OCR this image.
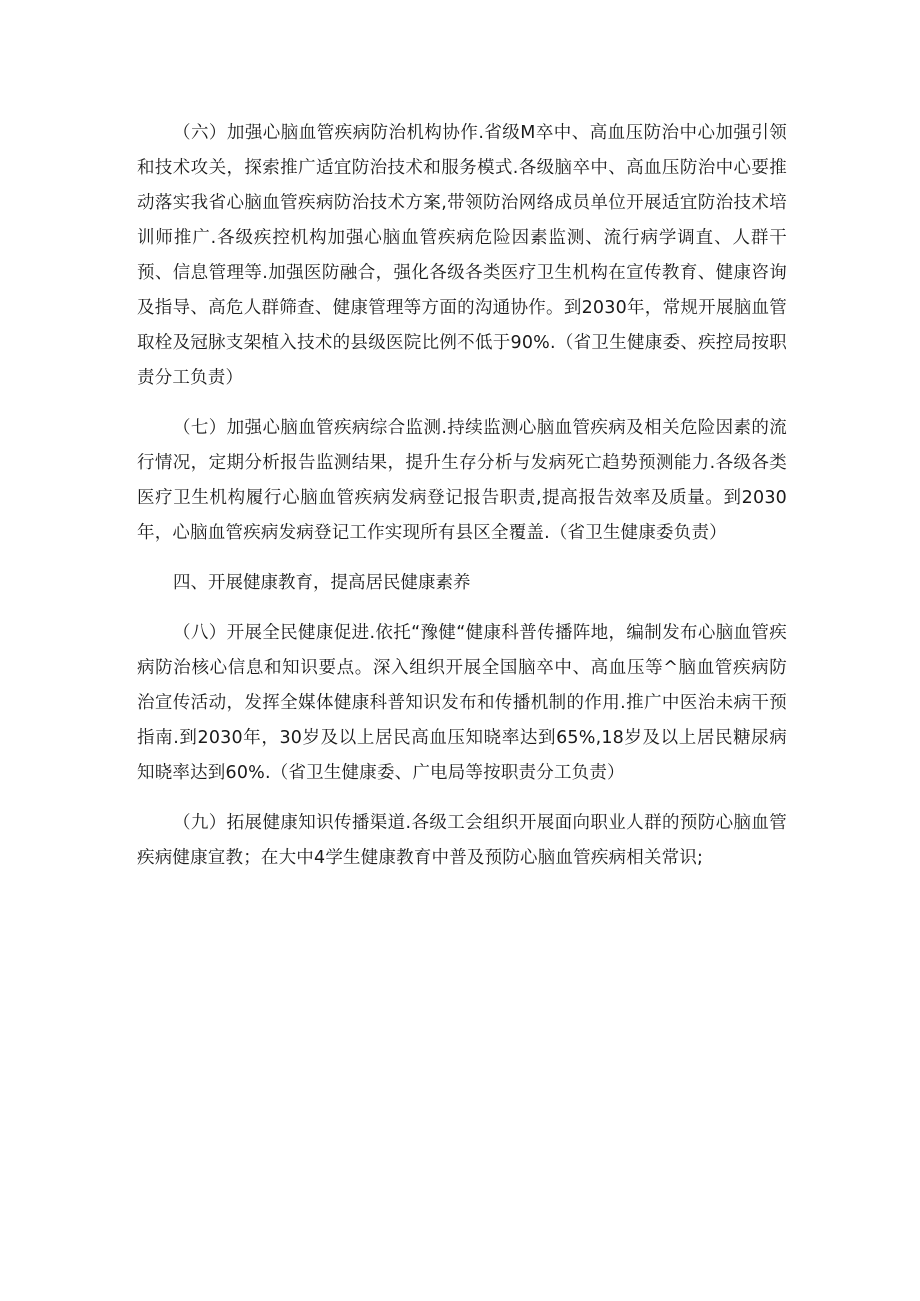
（六）加强心脑血管疾病防治机构协作.省级M卒中、高血压防治中心加强引领和技术攻关，探索推广适宜防治技术和服务模式.各级脑卒中、高血压防治中心要推动落实我省心脑血管疾病防治技术方案,带领防治网络成员单位开展适宜防治技术培训师推广.各级疾控机构加强心脑血管疾病危险因素监测、流行病学调直、人群干预、信息管理等.加强医防融合，强化各级各类医疗卫生机构在宣传教育、健康咨询及指导、高危人群筛查、健康管理等方面的沟通协作。到2030年，常规开展脑血管取栓及冠脉支架植入技术的县级医院比例不低于90%.（省卫生健康委、疾控局按职责分工负责）

（七）加强心脑血管疾病综合监测.持续监测心脑血管疾病及相关危险因素的流行情况，定期分析报告监测结果，提升生存分析与发病死亡趋势预测能力.各级各类医疗卫生机构履行心脑血管疾病发病登记报告职责,提高报告效率及质量。到2030年，心脑血管疾病发病登记工作实现所有县区全覆盖.（省卫生健康委负责）

四、开展健康教育，提高居民健康素养

（八）开展全民健康促进.依托“豫健“健康科普传播阵地，编制发布心脑血管疾病防治核心信息和知识要点。深入组织开展全国脑卒中、高血压等^脑血管疾病防治宣传活动，发挥全媒体健康科普知识发布和传播机制的作用.推广中医治未病干预指南.到2030年，30岁及以上居民高血压知晓率达到65%,18岁及以上居民糖尿病知晓率达到60%.（省卫生健康委、广电局等按职责分工负责）

（九）拓展健康知识传播渠道.各级工会组织开展面向职业人群的预防心脑血管疾病健康宣教；在大中4学生健康教育中普及预防心脑血管疾病相关常识;
